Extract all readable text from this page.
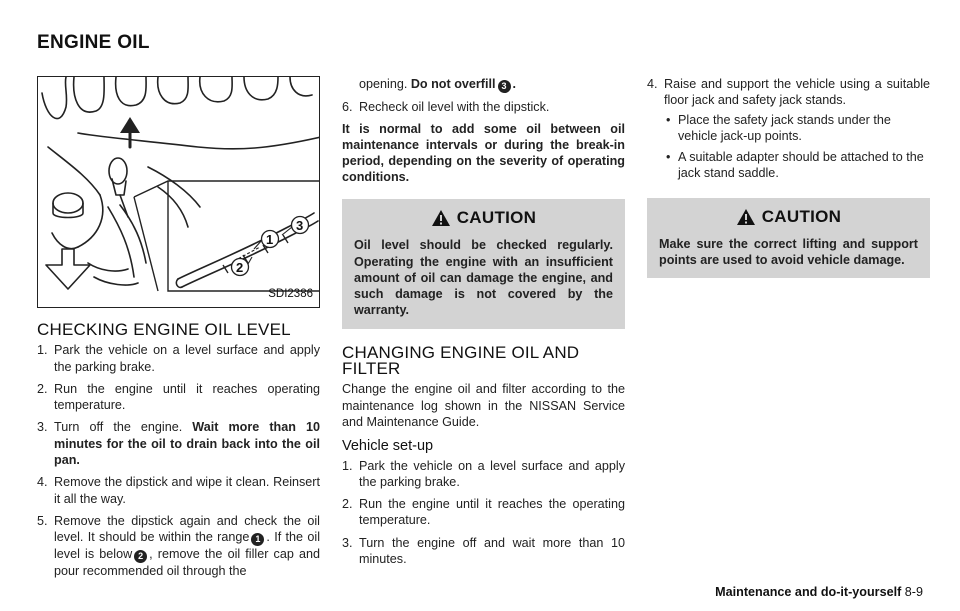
ENGINE OIL
1
2
3
SDI2386
CHECKING ENGINE OIL LEVEL
1. Park the vehicle on a level surface and apply the parking brake.
2. Run the engine until it reaches operating temperature.
3. Turn off the engine. Wait more than 10 minutes for the oil to drain back into the oil pan.
4. Remove the dipstick and wipe it clean. Reinsert it all the way.
5. Remove the dipstick again and check the oil level. It should be within the range 1 . If the oil level is below 2 , remove the oil filler cap and pour recommended oil through the
opening. Do not overfill 3 .
6. Recheck oil level with the dipstick.

It is normal to add some oil between oil maintenance intervals or during the break-in period, depending on the severity of operating conditions.

CAUTION

Oil level should be checked regularly. Operating the engine with an insufficient amount of oil can damage the engine, and such damage is not covered by the warranty.

CHANGING ENGINE OIL AND FILTER

Change the engine oil and filter according to the maintenance log shown in the NISSAN Service and Maintenance Guide.

Vehicle set-up
1. Park the vehicle on a level surface and apply the parking brake.
2. Run the engine until it reaches the operating temperature.
3. Turn the engine off and wait more than 10 minutes.
4. Raise and support the vehicle using a suitable floor jack and safety jack stands.
• Place the safety jack stands under the vehicle jack-up points.
• A suitable adapter should be attached to the jack stand saddle.
CAUTION

Make sure the correct lifting and support points are used to avoid vehicle damage.

Maintenance and do-it-yourself 8-9
